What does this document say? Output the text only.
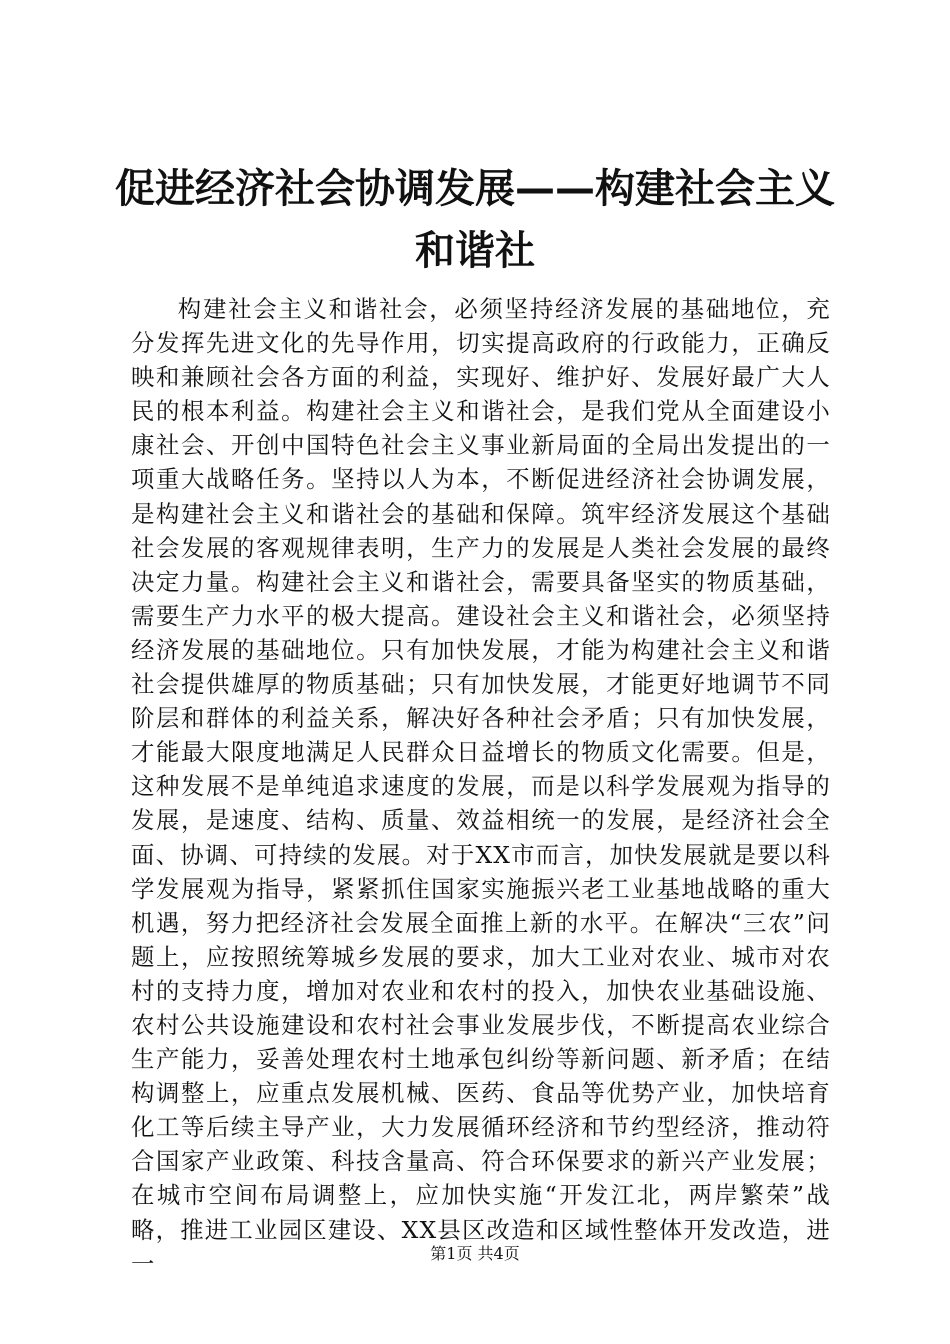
促进经济社会协调发展——构建社会主义和谐社

构建社会主义和谐社会，必须坚持经济发展的基础地位，充分发挥先进文化的先导作用，切实提高政府的行政能力，正确反映和兼顾社会各方面的利益，实现好、维护好、发展好最广大人民的根本利益。构建社会主义和谐社会，是我们党从全面建设小康社会、开创中国特色社会主义事业新局面的全局出发提出的一项重大战略任务。坚持以人为本，不断促进经济社会协调发展，是构建社会主义和谐社会的基础和保障。筑牢经济发展这个基础社会发展的客观规律表明，生产力的发展是人类社会发展的最终决定力量。构建社会主义和谐社会，需要具备坚实的物质基础，需要生产力水平的极大提高。建设社会主义和谐社会，必须坚持经济发展的基础地位。只有加快发展，才能为构建社会主义和谐社会提供雄厚的物质基础；只有加快发展，才能更好地调节不同阶层和群体的利益关系，解决好各种社会矛盾；只有加快发展，才能最大限度地满足人民群众日益增长的物质文化需要。但是，这种发展不是单纯追求速度的发展，而是以科学发展观为指导的发展，是速度、结构、质量、效益相统一的发展，是经济社会全面、协调、可持续的发展。对于XX市而言，加快发展就是要以科学发展观为指导，紧紧抓住国家实施振兴老工业基地战略的重大机遇，努力把经济社会发展全面推上新的水平。在解决“三农”问题上，应按照统筹城乡发展的要求，加大工业对农业、城市对农村的支持力度，增加对农业和农村的投入，加快农业基础设施、农村公共设施建设和农村社会事业发展步伐，不断提高农业综合生产能力，妥善处理农村土地承包纠纷等新问题、新矛盾；在结构调整上，应重点发展机械、医药、食品等优势产业，加快培育化工等后续主导产业，大力发展循环经济和节约型经济，推动符合国家产业政策、科技含量高、符合环保要求的新兴产业发展；在城市空间布局调整上，应加快实施“开发江北，两岸繁荣”战略，推进工业园区建设、XX县区改造和区域性整体开发改造，进一	第1页 共4页
